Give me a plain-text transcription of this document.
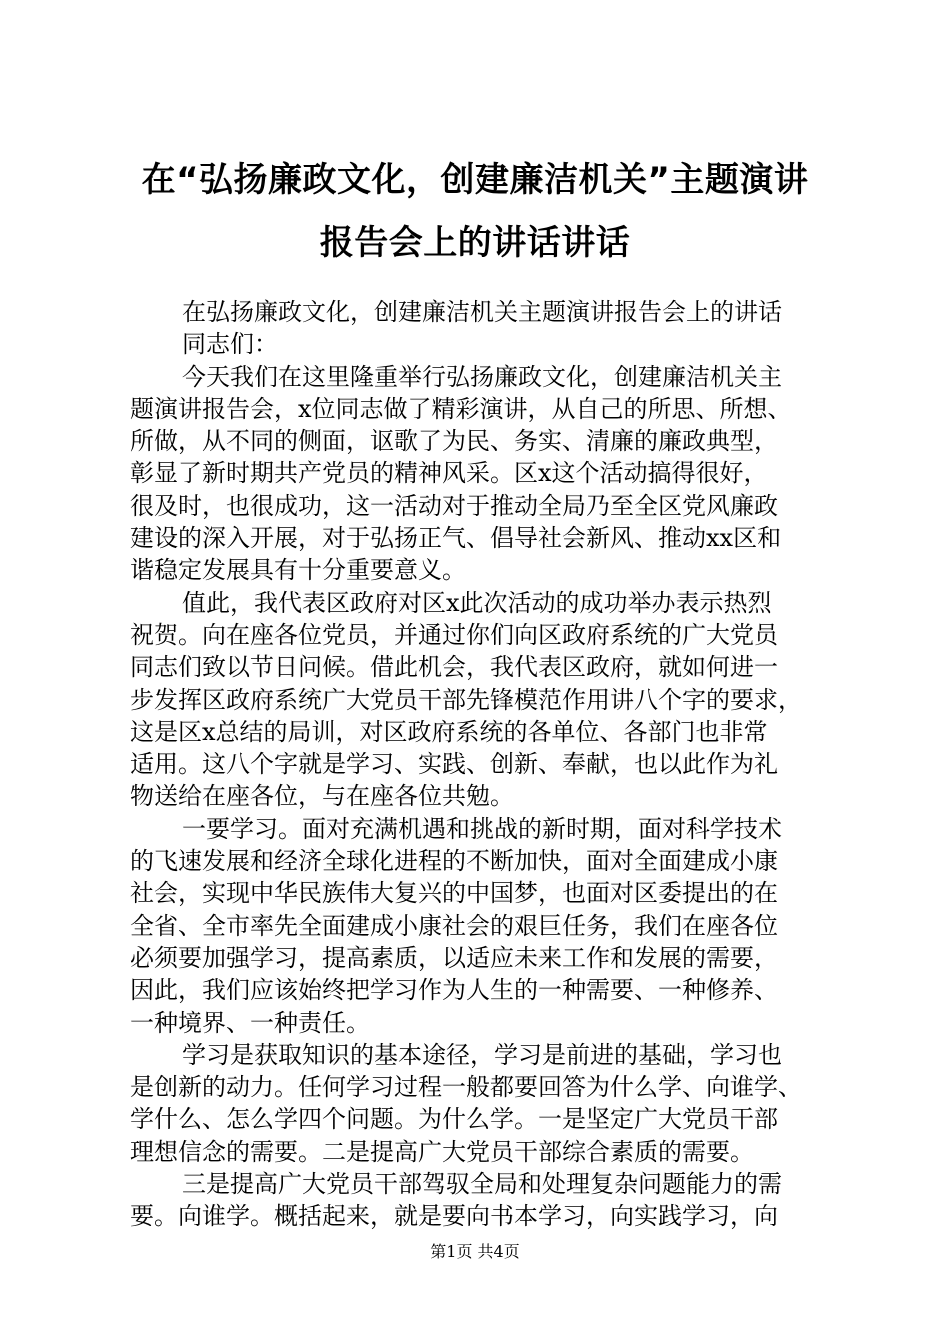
在“弘扬廉政文化，创建廉洁机关”主题演讲
报告会上的讲话讲话
在弘扬廉政文化，创建廉洁机关主题演讲报告会上的讲话
同志们：
今天我们在这里隆重举行弘扬廉政文化，创建廉洁机关主
题演讲报告会，x位同志做了精彩演讲，从自己的所思、所想、
所做，从不同的侧面，讴歌了为民、务实、清廉的廉政典型，
彰显了新时期共产党员的精神风采。区x这个活动搞得很好，
很及时，也很成功，这一活动对于推动全局乃至全区党风廉政
建设的深入开展，对于弘扬正气、倡导社会新风、推动xx区和
谐稳定发展具有十分重要意义。
值此，我代表区政府对区x此次活动的成功举办表示热烈
祝贺。向在座各位党员，并通过你们向区政府系统的广大党员
同志们致以节日问候。借此机会，我代表区政府，就如何进一
步发挥区政府系统广大党员干部先锋模范作用讲八个字的要求，
这是区x总结的局训，对区政府系统的各单位、各部门也非常
适用。这八个字就是学习、实践、创新、奉献，也以此作为礼
物送给在座各位，与在座各位共勉。
一要学习。面对充满机遇和挑战的新时期，面对科学技术
的飞速发展和经济全球化进程的不断加快，面对全面建成小康
社会，实现中华民族伟大复兴的中国梦，也面对区委提出的在
全省、全市率先全面建成小康社会的艰巨任务，我们在座各位
必须要加强学习，提高素质，以适应未来工作和发展的需要，
因此，我们应该始终把学习作为人生的一种需要、一种修养、
一种境界、一种责任。
学习是获取知识的基本途径，学习是前进的基础，学习也
是创新的动力。任何学习过程一般都要回答为什么学、向谁学、
学什么、怎么学四个问题。为什么学。一是坚定广大党员干部
理想信念的需要。二是提高广大党员干部综合素质的需要。
三是提高广大党员干部驾驭全局和处理复杂问题能力的需
要。向谁学。概括起来，就是要向书本学习，向实践学习，向
第1页 共4页
